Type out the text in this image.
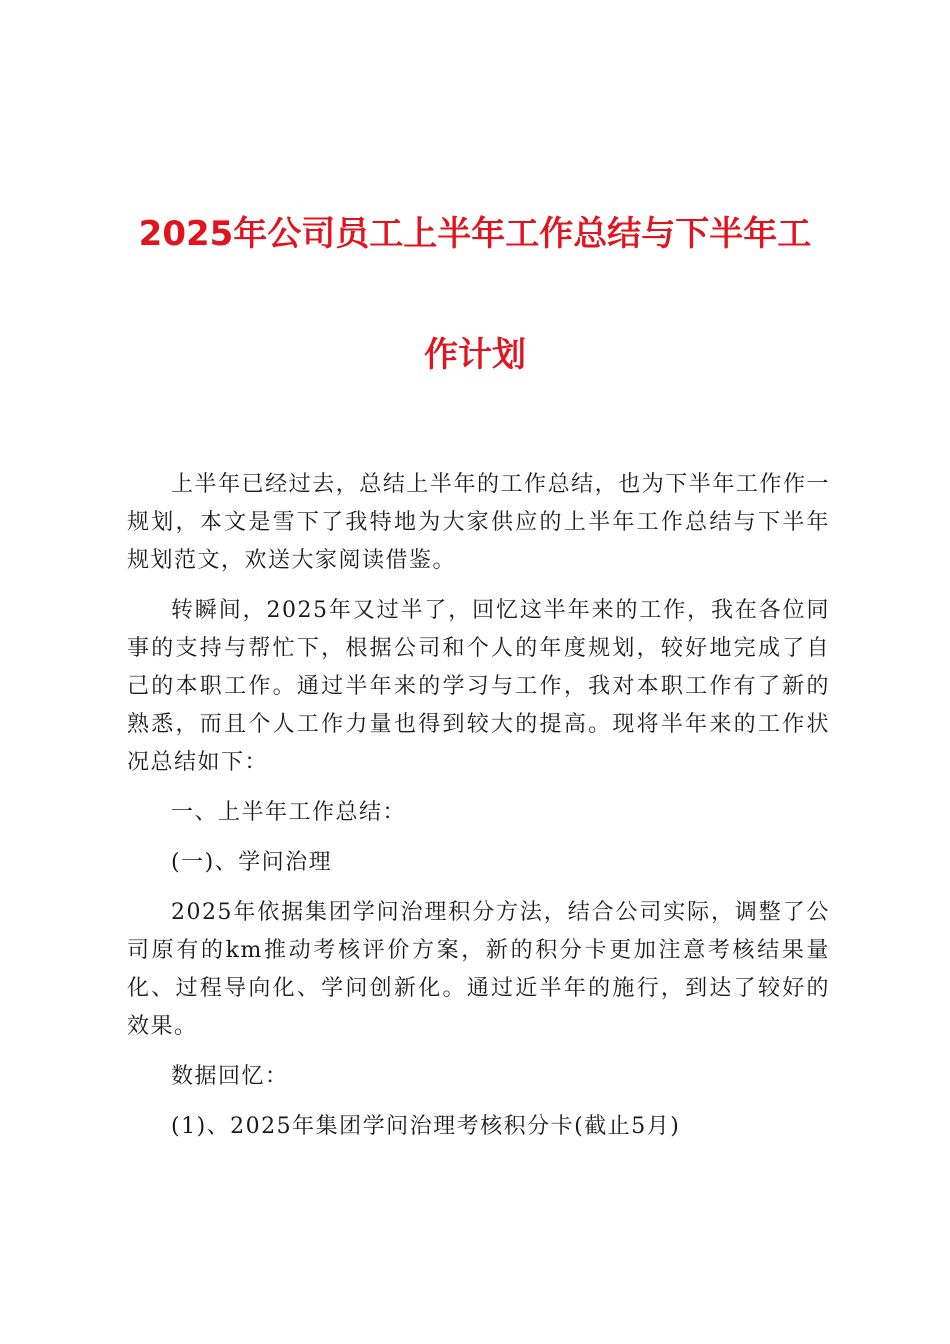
2025年公司员工上半年工作总结与下半年工
作计划

上半年已经过去，总结上半年的工作总结，也为下半年工作作一规划，本文是雪下了我特地为大家供应的上半年工作总结与下半年规划范文，欢送大家阅读借鉴。

转瞬间，2025年又过半了，回忆这半年来的工作，我在各位同事的支持与帮忙下，根据公司和个人的年度规划，较好地完成了自己的本职工作。通过半年来的学习与工作，我对本职工作有了新的熟悉，而且个人工作力量也得到较大的提高。现将半年来的工作状况总结如下：

一、上半年工作总结：

(一)、学问治理

2025年依据集团学问治理积分方法，结合公司实际，调整了公司原有的km推动考核评价方案，新的积分卡更加注意考核结果量化、过程导向化、学问创新化。通过近半年的施行，到达了较好的效果。

数据回忆：

(1)、2025年集团学问治理考核积分卡(截止5月)
